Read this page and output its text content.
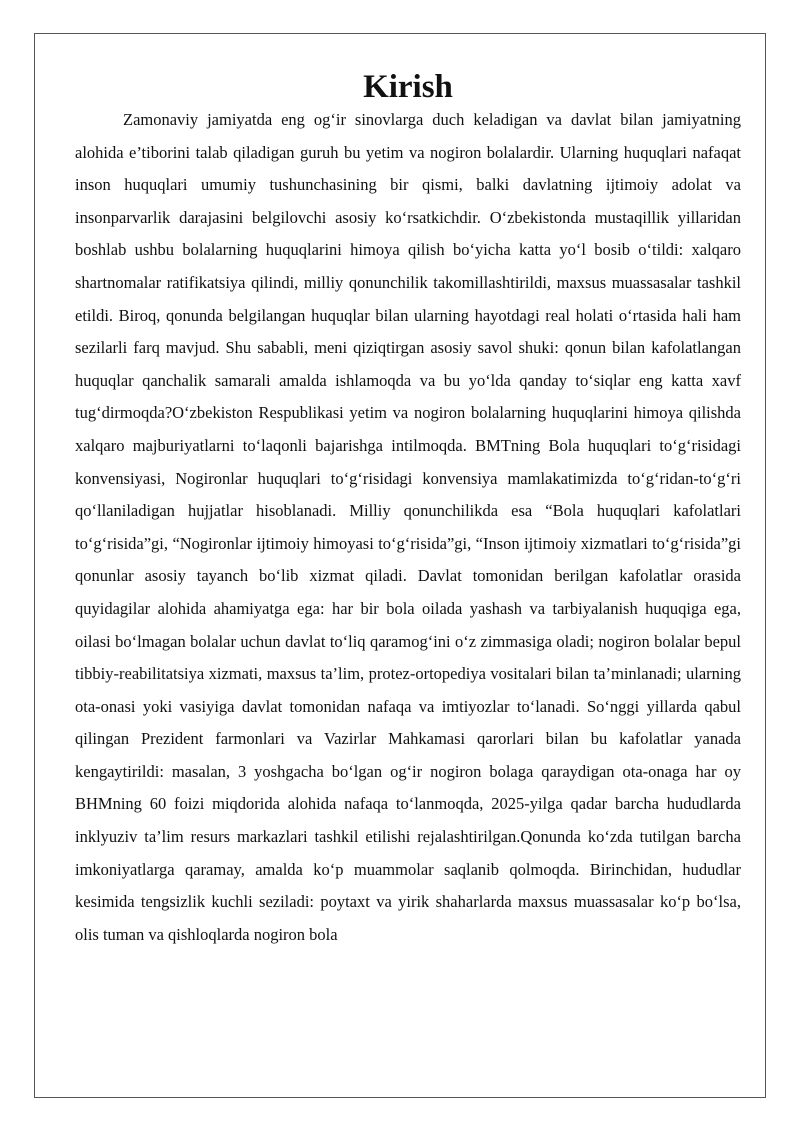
Kirish

Zamonaviy jamiyatda eng og‘ir sinovlarga duch keladigan va davlat bilan jamiyatning alohida e’tiborini talab qiladigan guruh bu yetim va nogiron bolalardir. Ularning huquqlari nafaqat inson huquqlari umumiy tushunchasining bir qismi, balki davlatning ijtimoiy adolat va insonparvarlik darajasini belgilovchi asosiy ko‘rsatkichdir. O‘zbekistonda mustaqillik yillaridan boshlab ushbu bolalarning huquqlarini himoya qilish bo‘yicha katta yo‘l bosib o‘tildi: xalqaro shartnomalar ratifikatsiya qilindi, milliy qonunchilik takomillashtirildi, maxsus muassasalar tashkil etildi. Biroq, qonunda belgilangan huquqlar bilan ularning hayotdagi real holati o‘rtasida hali ham sezilarli farq mavjud. Shu sababli, meni qiziqtirgan asosiy savol shuki: qonun bilan kafolatlangan huquqlar qanchalik samarali amalda ishlamoqda va bu yo‘lda qanday to‘siqlar eng katta xavf tug‘dirmoqda?O‘zbekiston Respublikasi yetim va nogiron bolalarning huquqlarini himoya qilishda xalqaro majburiyatlarni to‘laqonli bajarishga intilmoqda. BMTning Bola huquqlari to‘g‘risidagi konvensiyasi, Nogironlar huquqlari to‘g‘risidagi konvensiya mamlakatimizda to‘g‘ridan-to‘g‘ri qo‘llaniladigan hujjatlar hisoblanadi. Milliy qonunchilikda esa “Bola huquqlari kafolatlari to‘g‘risida”gi, “Nogironlar ijtimoiy himoyasi to‘g‘risida”gi, “Inson ijtimoiy xizmatlari to‘g‘risida”gi qonunlar asosiy tayanch bo‘lib xizmat qiladi. Davlat tomonidan berilgan kafolatlar orasida quyidagilar alohida ahamiyatga ega: har bir bola oilada yashash va tarbiyalanish huquqiga ega, oilasi bo‘lmagan bolalar uchun davlat to‘liq qaramog‘ini o‘z zimmasiga oladi; nogiron bolalar bepul tibbiy-reabilitatsiya xizmati, maxsus ta’lim, protez-ortopediya vositalari bilan ta’minlanadi; ularning ota-onasi yoki vasiyiga davlat tomonidan nafaqa va imtiyozlar to‘lanadi. So‘nggi yillarda qabul qilingan Prezident farmonlari va Vazirlar Mahkamasi qarorlari bilan bu kafolatlar yanada kengaytirildi: masalan, 3 yoshgacha bo‘lgan og‘ir nogiron bolaga qaraydigan ota-onaga har oy BHMning 60 foizi miqdorida alohida nafaqa to‘lanmoqda, 2025-yilga qadar barcha hududlarda inklyuziv ta’lim resurs markazlari tashkil etilishi rejalashtirilgan.Qonunda ko‘zda tutilgan barcha imkoniyatlarga qaramay, amalda ko‘p muammolar saqlanib qolmoqda. Birinchidan, hududlar kesimida tengsizlik kuchli seziladi: poytaxt va yirik shaharlarda maxsus muassasalar ko‘p bo‘lsa, olis tuman va qishloqlarda nogiron bola
